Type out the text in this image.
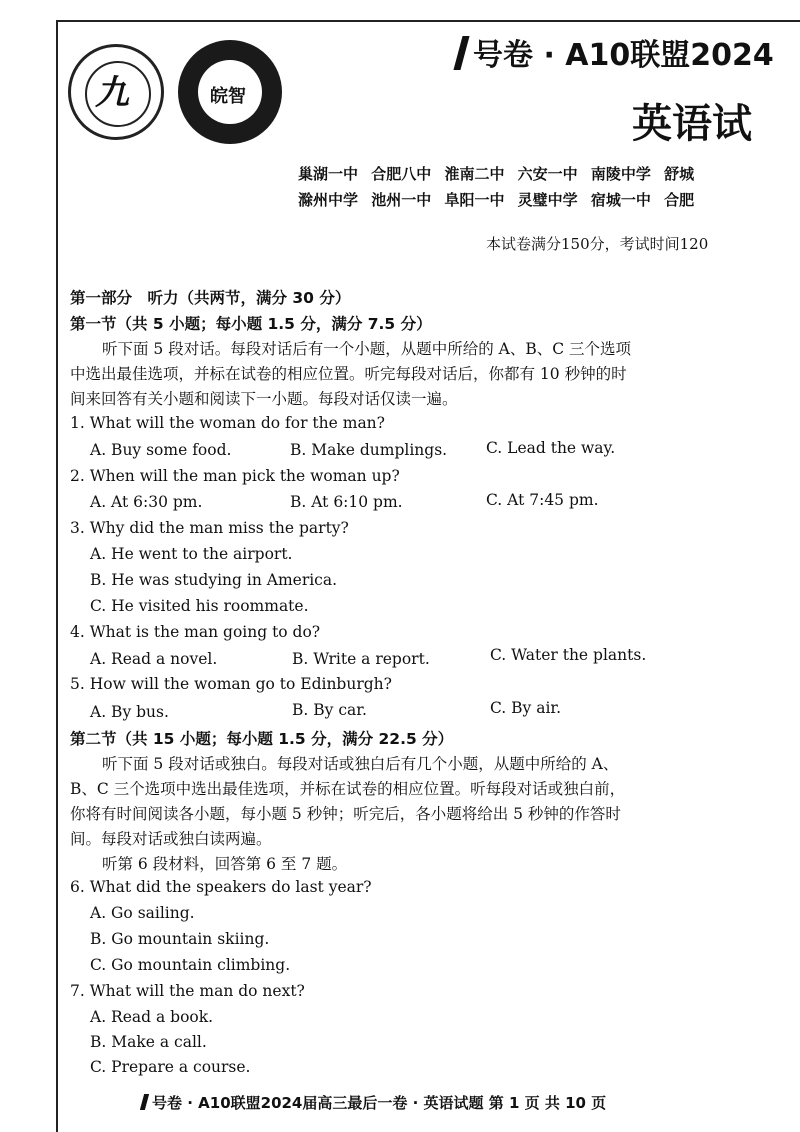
九	皖智
号卷 · A10联盟2024
英语试
巢湖一中 合肥八中 淮南二中 六安一中 南陵中学 舒城
滁州中学 池州一中 阜阳一中 灵璧中学 宿城一中 合肥
本试卷满分150分，考试时间120
第一部分　听力（共两节，满分 30 分）
第一节（共 5 小题；每小题 1.5 分，满分 7.5 分）
听下面 5 段对话。每段对话后有一个小题，从题中所给的 A、B、C 三个选项
中选出最佳选项，并标在试卷的相应位置。听完每段对话后，你都有 10 秒钟的时
间来回答有关小题和阅读下一小题。每段对话仅读一遍。
1. What will the woman do for the man?
A. Buy some food.	B. Make dumplings.	C. Lead the way.
2. When will the man pick the woman up?
A. At 6:30 pm.	B. At 6:10 pm.	C. At 7:45 pm.
3. Why did the man miss the party?
A. He went to the airport.
B. He was studying in America.
C. He visited his roommate.
4. What is the man going to do?
A. Read a novel.	B. Write a report.	C. Water the plants.
5. How will the woman go to Edinburgh?
A. By bus.	B. By car.	C. By air.
第二节（共 15 小题；每小题 1.5 分，满分 22.5 分）
听下面 5 段对话或独白。每段对话或独白后有几个小题，从题中所给的 A、
B、C 三个选项中选出最佳选项，并标在试卷的相应位置。听每段对话或独白前，
你将有时间阅读各小题，每小题 5 秒钟；听完后，各小题将给出 5 秒钟的作答时
间。每段对话或独白读两遍。
听第 6 段材料，回答第 6 至 7 题。
6. What did the speakers do last year?
A. Go sailing.
B. Go mountain skiing.
C. Go mountain climbing.
7. What will the man do next?
A. Read a book.
B. Make a call.
C. Prepare a course.
号卷 · A10联盟2024届高三最后一卷 · 英语试题 第 1 页 共 10 页
